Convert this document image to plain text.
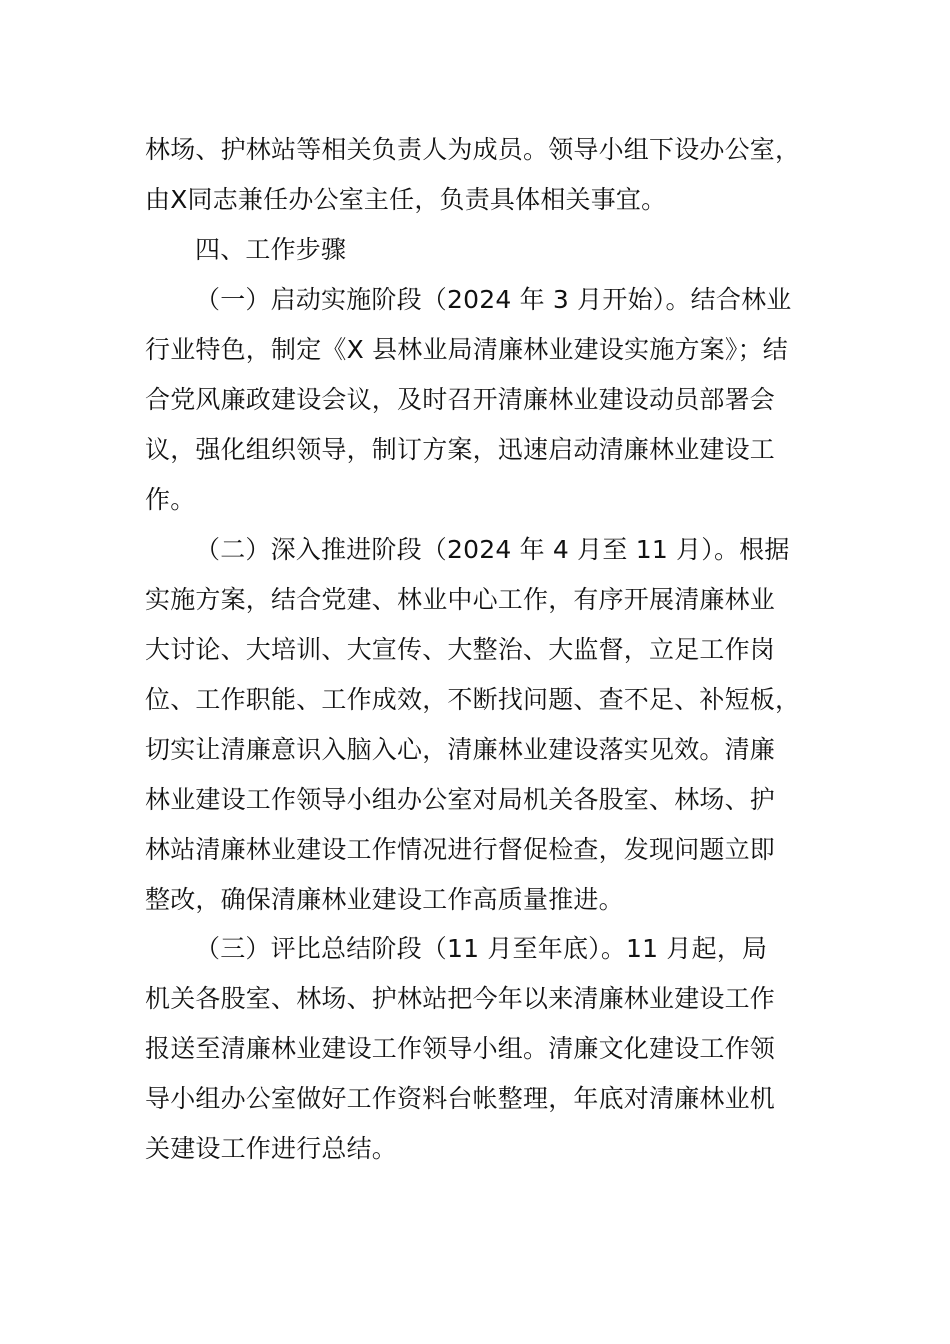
林场、护林站等相关负责人为成员。领导小组下设办公室，
由Ⅹ同志兼任办公室主任，负责具体相关事宜。
四、工作步骤
（一）启动实施阶段（2024 年 3 月开始）。结合林业
行业特色，制定《X 县林业局清廉林业建设实施方案》；结
合党风廉政建设会议，及时召开清廉林业建设动员部署会
议，强化组织领导，制订方案，迅速启动清廉林业建设工
作。
（二）深入推进阶段（2024 年 4 月至 11 月）。根据
实施方案，结合党建、林业中心工作，有序开展清廉林业
大讨论、大培训、大宣传、大整治、大监督，立足工作岗
位、工作职能、工作成效，不断找问题、查不足、补短板，
切实让清廉意识入脑入心，清廉林业建设落实见效。清廉
林业建设工作领导小组办公室对局机关各股室、林场、护
林站清廉林业建设工作情况进行督促检查，发现问题立即
整改，确保清廉林业建设工作高质量推进。
（三）评比总结阶段（11 月至年底）。11 月起，局
机关各股室、林场、护林站把今年以来清廉林业建设工作
报送至清廉林业建设工作领导小组。清廉文化建设工作领
导小组办公室做好工作资料台帐整理，年底对清廉林业机
关建设工作进行总结。
